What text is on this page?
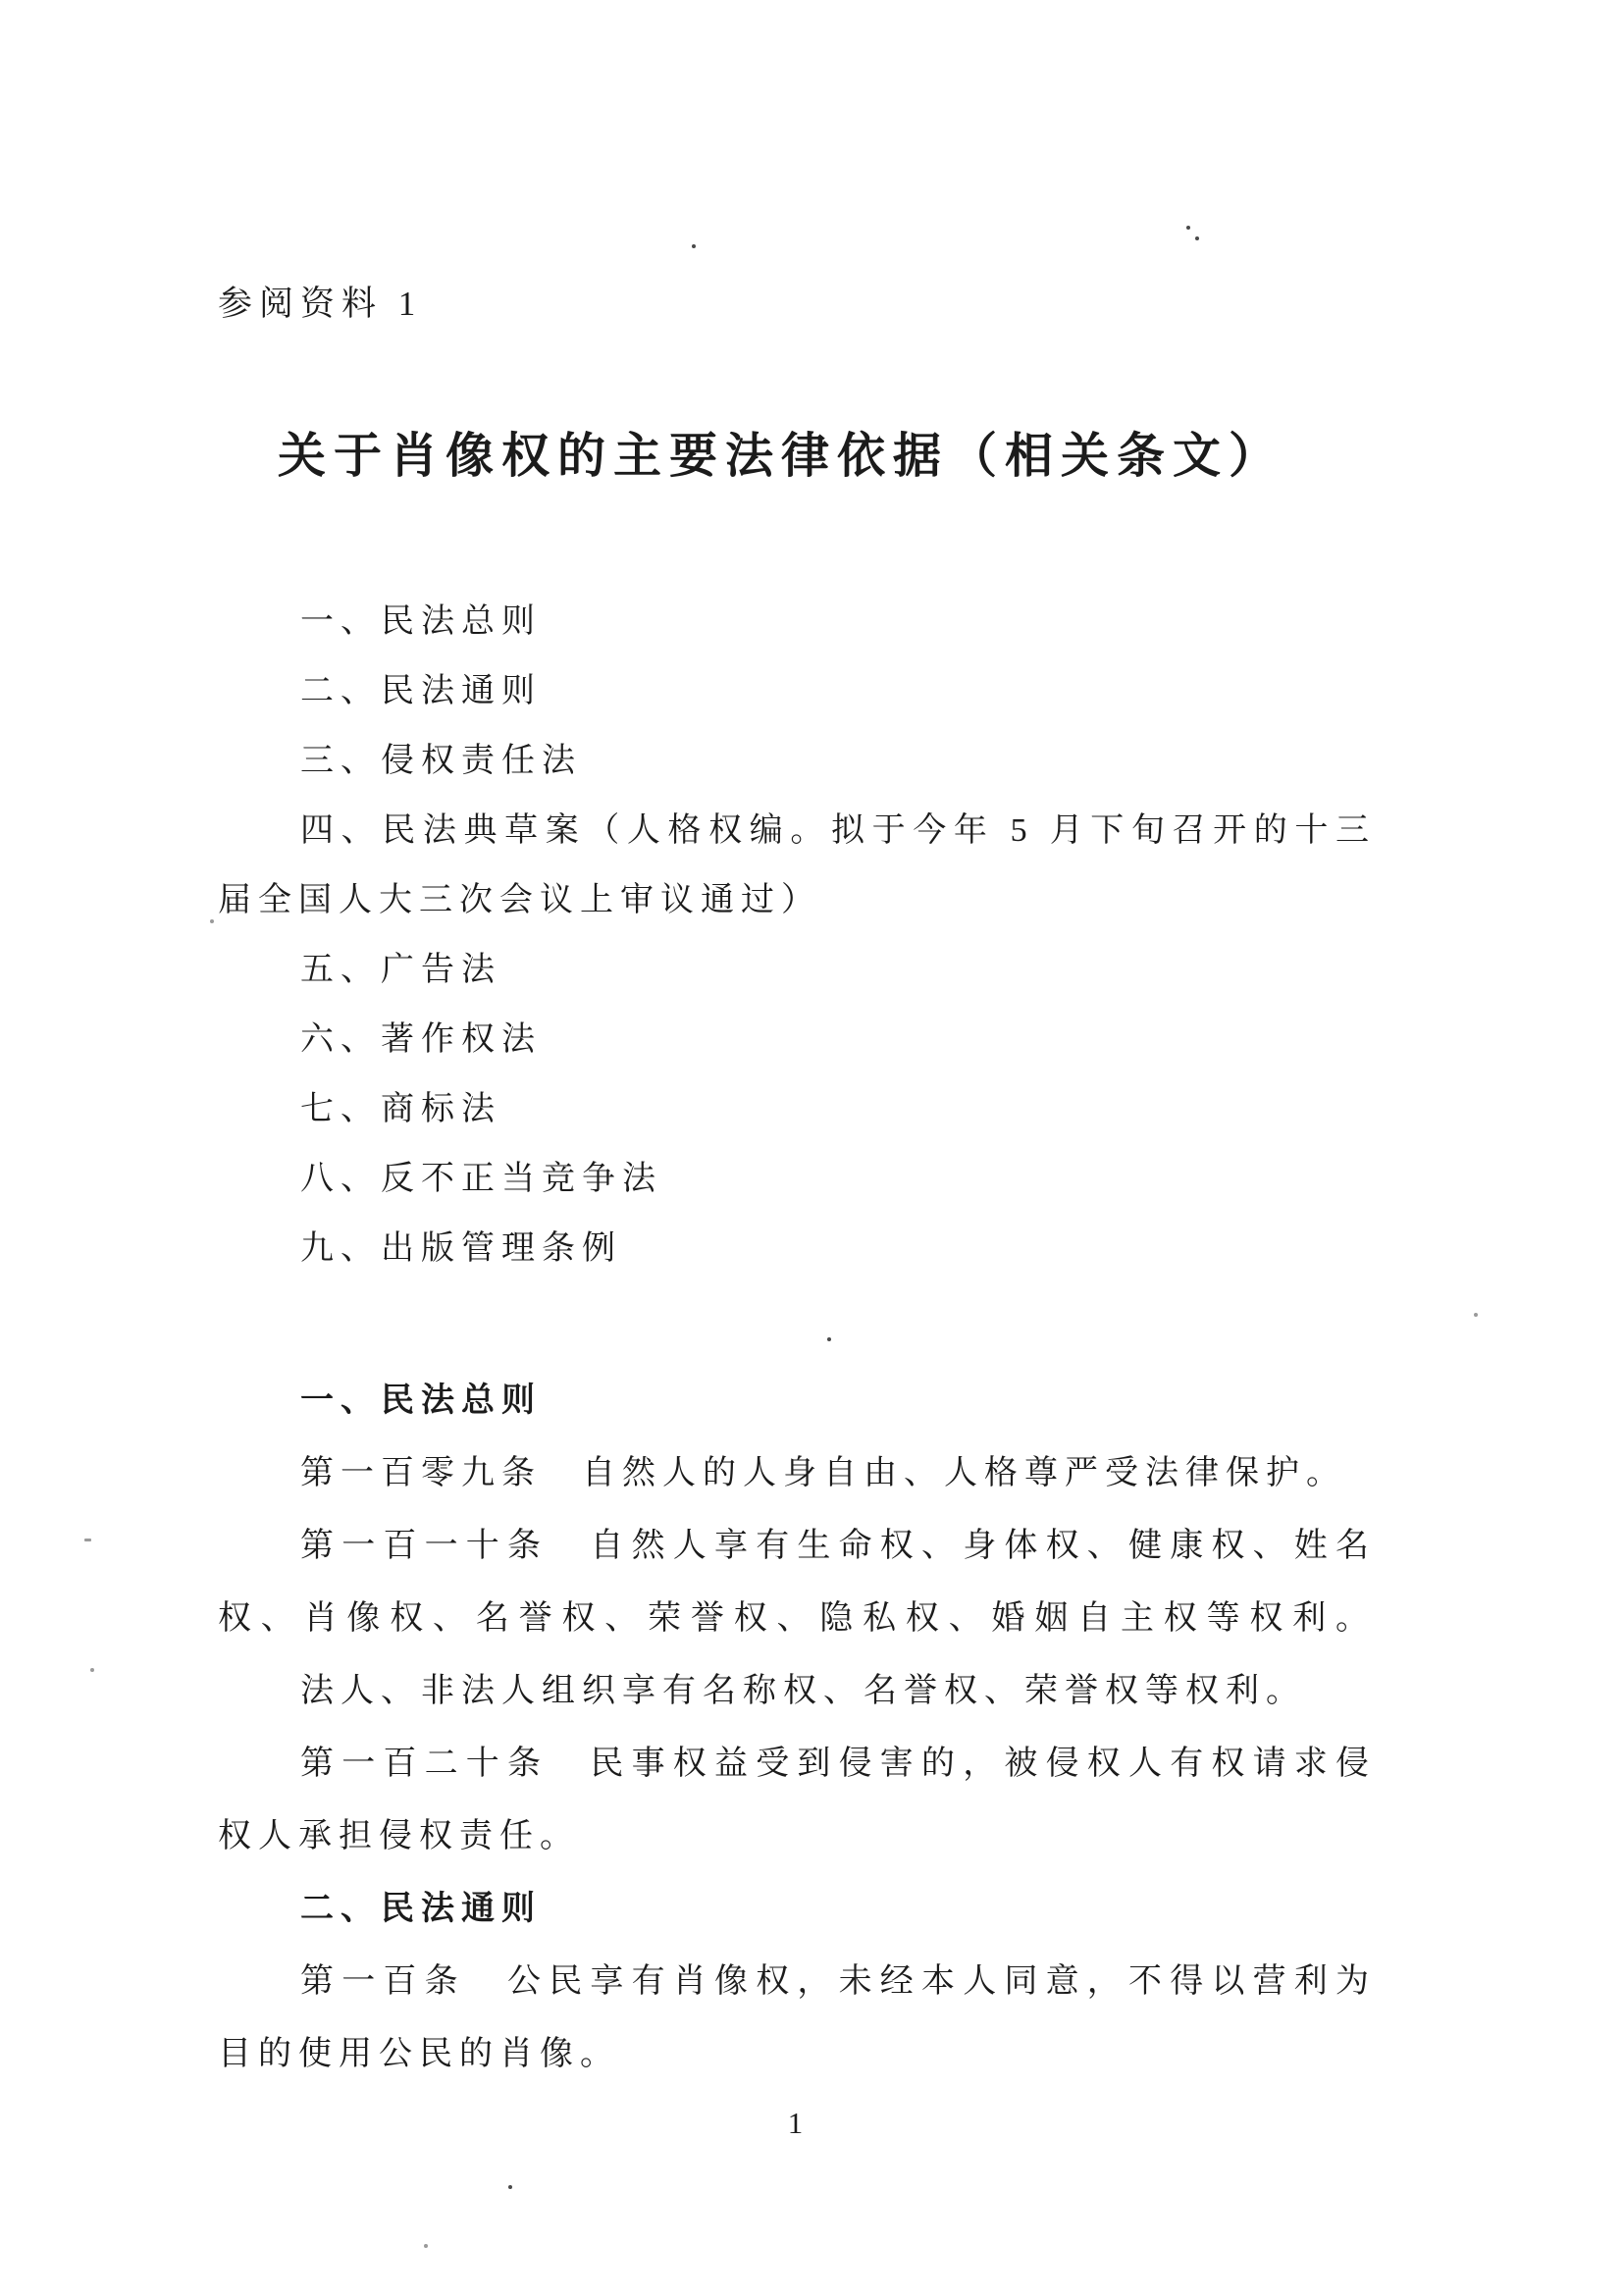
参阅资料 1
关于肖像权的主要法律依据（相关条文）
一、民法总则
二、民法通则
三、侵权责任法
四、民法典草案（人格权编。拟于今年 5 月下旬召开的十三
届全国人大三次会议上审议通过）
五、广告法
六、著作权法
七、商标法
八、反不正当竞争法
九、出版管理条例
一、民法总则
第一百零九条　自然人的人身自由、人格尊严受法律保护。
第一百一十条　自然人享有生命权、身体权、健康权、姓名
权、肖像权、名誉权、荣誉权、隐私权、婚姻自主权等权利。
法人、非法人组织享有名称权、名誉权、荣誉权等权利。
第一百二十条　民事权益受到侵害的，被侵权人有权请求侵
权人承担侵权责任。
二、民法通则
第一百条　公民享有肖像权，未经本人同意，不得以营利为
目的使用公民的肖像。
1
